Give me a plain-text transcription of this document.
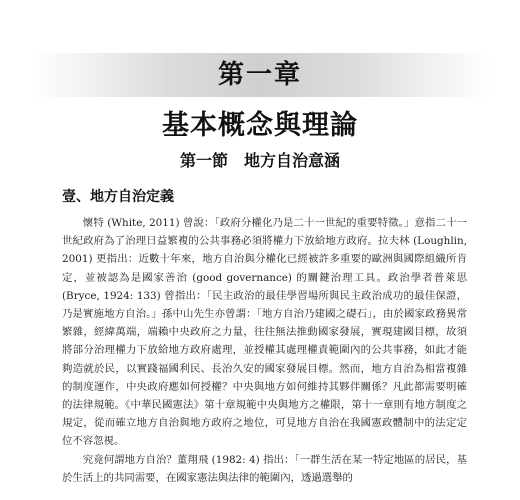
第一章
基本概念與理論
第一節　地方自治意涵
壹、地方自治定義

懷特 (White, 2011) 曾說：「政府分權化乃是二十一世紀的重要特徵。」意指二十一世紀政府為了治理日益繁複的公共事務必須將權力下放給地方政府。拉夫林 (Loughlin, 2001) 更指出：近數十年來，地方自治與分權化已經被許多重要的歐洲與國際組織所肯定，並被認為是國家善治 (good governance) 的關鍵治理工具。政治學者普萊思 (Bryce, 1924: 133) 曾指出：「民主政治的最佳學習場所與民主政治成功的最佳保證，乃是實施地方自治。」孫中山先生亦曾謂：「地方自治乃建國之礎石」，由於國家政務異常繁雜，經緯萬端，端賴中央政府之力量，往往無法推動國家發展，實現建國目標，故須將部分治理權力下放給地方政府處理，並授權其處理權責範圍內的公共事務，如此才能夠造就於民，以實踐福國利民、長治久安的國家發展目標。然而，地方自治為相當複雜的制度運作，中央政府應如何授權？中央與地方如何維持其夥伴關係？凡此都需要明確的法律規範。《中華民國憲法》第十章規範中央與地方之權限，第十一章則有地方制度之規定，從而確立地方自治與地方政府之地位，可見地方自治在我國憲政體制中的法定定位不容忽視。

究竟何謂地方自治？董翔飛 (1982: 4) 指出：「一群生活在某一特定地區的居民，基於生活上的共同需要，在國家憲法與法律的範圍內，透過選舉的
